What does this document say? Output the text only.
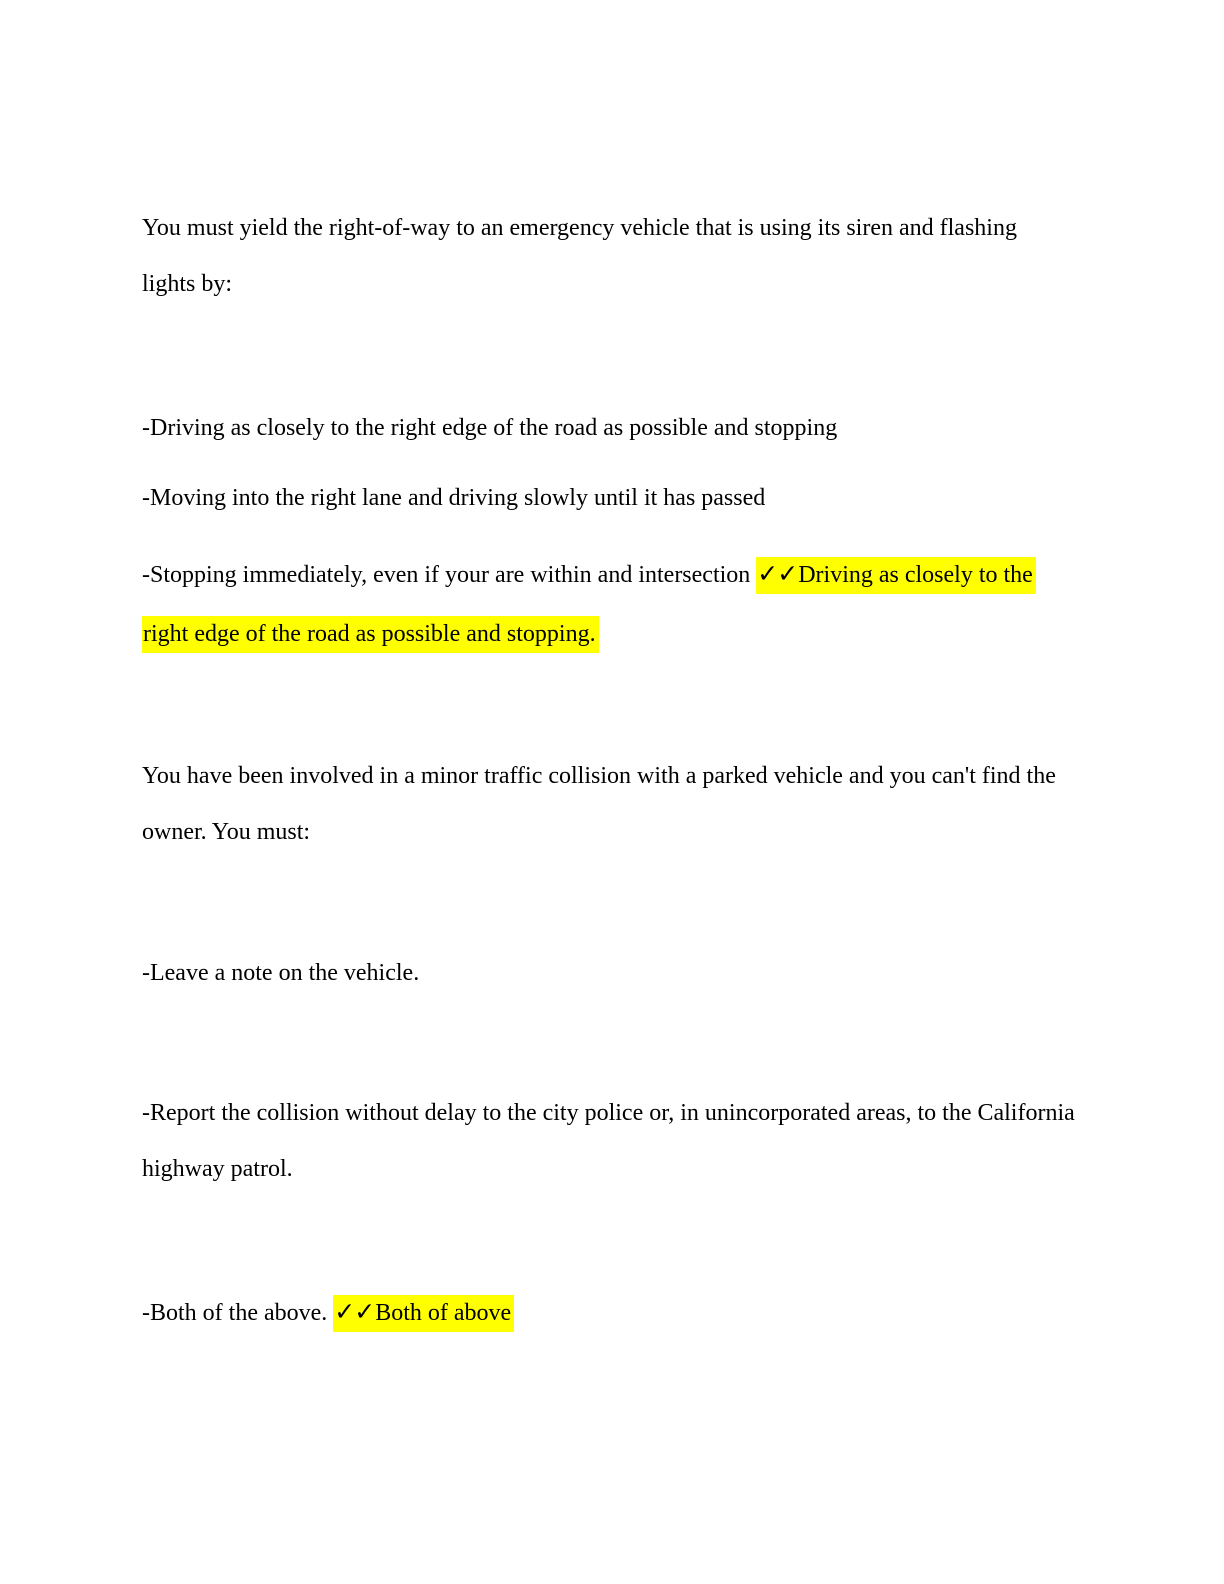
You must yield the right-of-way to an emergency vehicle that is using its siren and flashing
lights by:
-Driving as closely to the right edge of the road as possible and stopping
-Moving into the right lane and driving slowly until it has passed
-Stopping immediately, even if your are within and intersection ✓✓Driving as closely to the
right edge of the road as possible and stopping.
You have been involved in a minor traffic collision with a parked vehicle and you can't find the
owner. You must:
-Leave a note on the vehicle.
-Report the collision without delay to the city police or, in unincorporated areas, to the California
highway patrol.
-Both of the above. ✓✓Both of above
